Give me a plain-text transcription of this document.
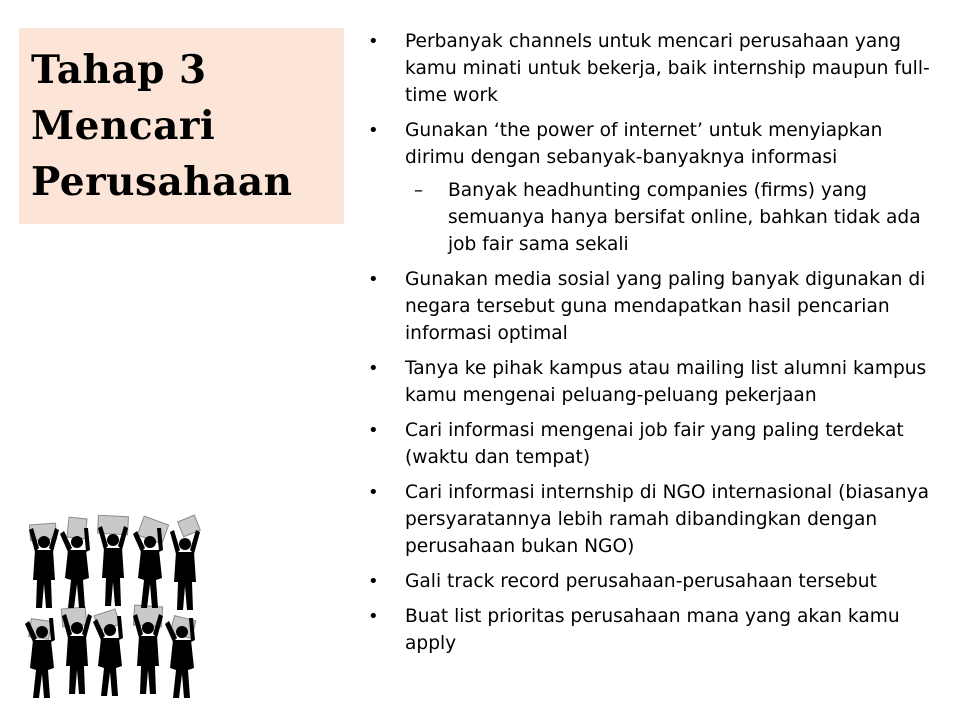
Tahap 3
Mencari
Perusahaan
• Perbanyak channels untuk mencari perusahaan yang kamu minati untuk bekerja, baik internship maupun full-time work
• Gunakan ‘the power of internet’ untuk menyiapkan dirimu dengan sebanyak-banyaknya informasi
– Banyak headhunting companies (firms) yang semuanya hanya bersifat online, bahkan tidak ada job fair sama sekali
• Gunakan media sosial yang paling banyak digunakan di negara tersebut guna mendapatkan hasil pencarian informasi optimal
• Tanya ke pihak kampus atau mailing list alumni kampus kamu mengenai peluang-peluang pekerjaan
• Cari informasi mengenai job fair yang paling terdekat (waktu dan tempat)
• Cari informasi internship di NGO internasional (biasanya persyaratannya lebih ramah dibandingkan dengan perusahaan bukan NGO)
• Gali track record perusahaan-perusahaan tersebut
• Buat list prioritas perusahaan mana yang akan kamu apply
